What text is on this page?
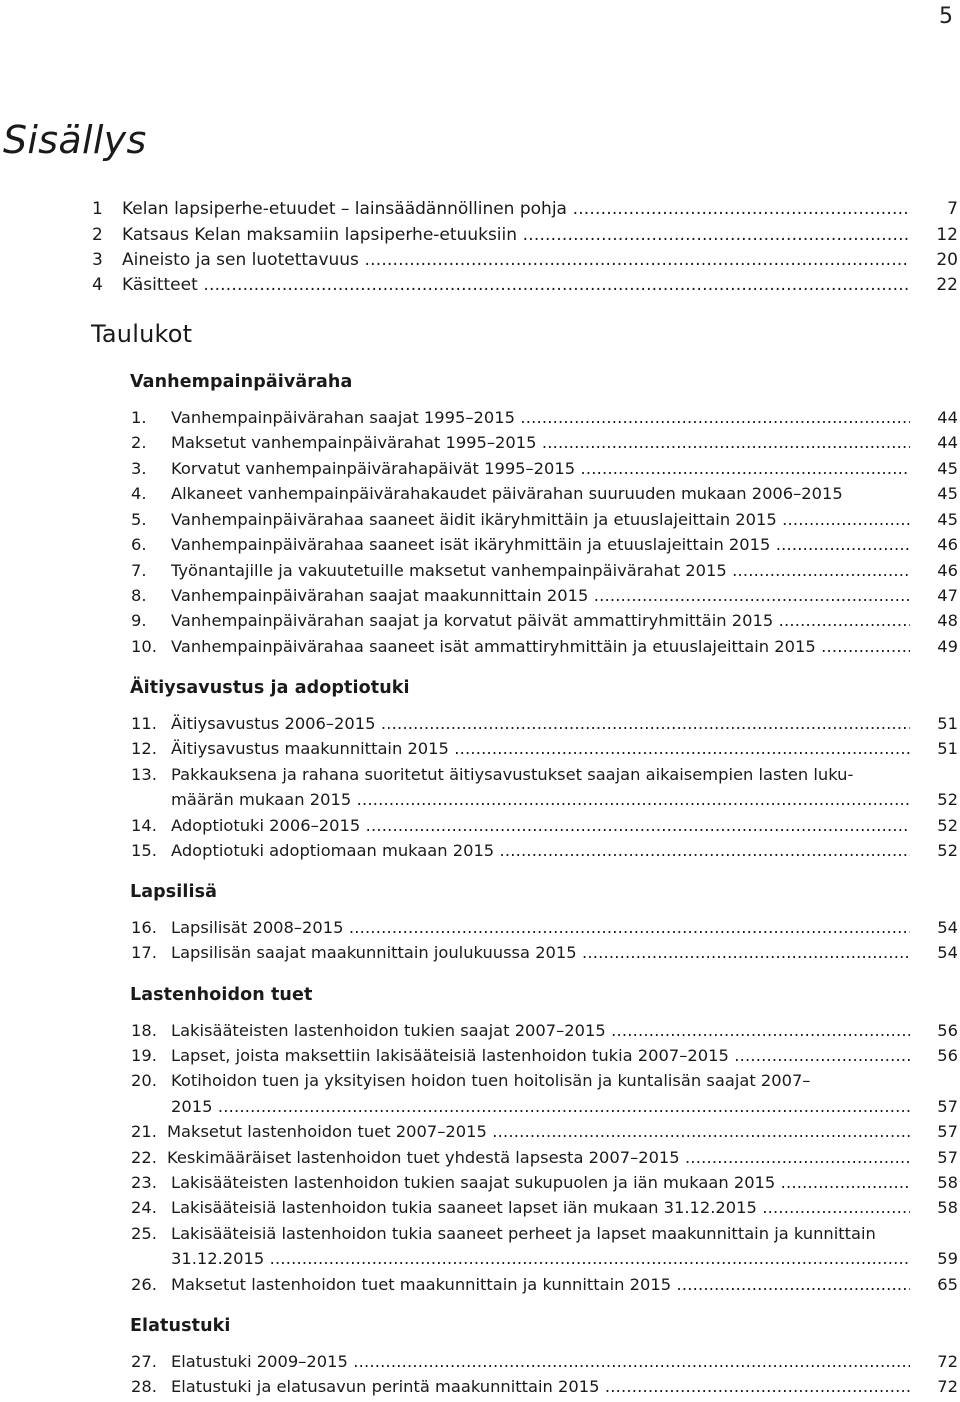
5
Sisällys
1	Kelan lapsiperhe-etuudet – lainsäädännöllinen pohja .....	7
2	Katsaus Kelan maksamiin lapsiperhe-etuuksiin .....	12
3	Aineisto ja sen luotettavuus .....	20
4	Käsitteet .....	22
Taulukot
Vanhempainpäiväraha
1. Vanhempainpäivärahan saajat 1995–2015 .....	44
2. Maksetut vanhempainpäivärahat 1995–2015 .....	44
3. Korvatut vanhempainpäivärahapäivät 1995–2015 .....	45
4. Alkaneet vanhempainpäivärahakaudet päivärahan suuruuden mukaan 2006–2015	45
5. Vanhempainpäivärahaa saaneet äidit ikäryhmittäin ja etuuslajeittain 2015 .....	45
6. Vanhempainpäivärahaa saaneet isät ikäryhmittäin ja etuuslajeittain 2015 .....	46
7. Työnantajille ja vakuutetuille maksetut vanhempainpäivärahat 2015 .....	46
8. Vanhempainpäivärahan saajat maakunnittain 2015 .....	47
9. Vanhempainpäivärahan saajat ja korvatut päivät ammattiryhmittäin 2015 .....	48
10. Vanhempainpäivärahaa saaneet isät ammattiryhmittäin ja etuuslajeittain 2015 .....	49
Äitiysavustus ja adoptiotuki
11. Äitiysavustus 2006–2015 .....	51
12. Äitiysavustus maakunnittain 2015 .....	51
13. Pakkauksena ja rahana suoritetut äitiysavustukset saajan aikaisempien lasten luku-
määrän mukaan 2015 .....	52
14. Adoptiotuki 2006–2015 .....	52
15. Adoptiotuki adoptiomaan mukaan 2015 .....	52
Lapsilisä
16. Lapsilisät 2008–2015 .....	54
17. Lapsilisän saajat maakunnittain joulukuussa 2015 .....	54
Lastenhoidon tuet
18. Lakisääteisten lastenhoidon tukien saajat 2007–2015 .....	56
19. Lapset, joista maksettiin lakisääteisiä lastenhoidon tukia 2007–2015 .....	56
20. Kotihoidon tuen ja yksityisen hoidon tuen hoitolisän ja kuntalisän saajat 2007–
2015 .....	57
21. Maksetut lastenhoidon tuet 2007–2015 .....	57
22. Keskimääräiset lastenhoidon tuet yhdestä lapsesta 2007–2015 .....	57
23. Lakisääteisten lastenhoidon tukien saajat sukupuolen ja iän mukaan 2015 .....	58
24. Lakisääteisiä lastenhoidon tukia saaneet lapset iän mukaan 31.12.2015 .....	58
25. Lakisääteisiä lastenhoidon tukia saaneet perheet ja lapset maakunnittain ja kunnittain
31.12.2015 .....	59
26. Maksetut lastenhoidon tuet maakunnittain ja kunnittain 2015 .....	65
Elatustuki
27. Elatustuki 2009–2015 .....	72
28. Elatustuki ja elatusavun perintä maakunnittain 2015 .....	72
